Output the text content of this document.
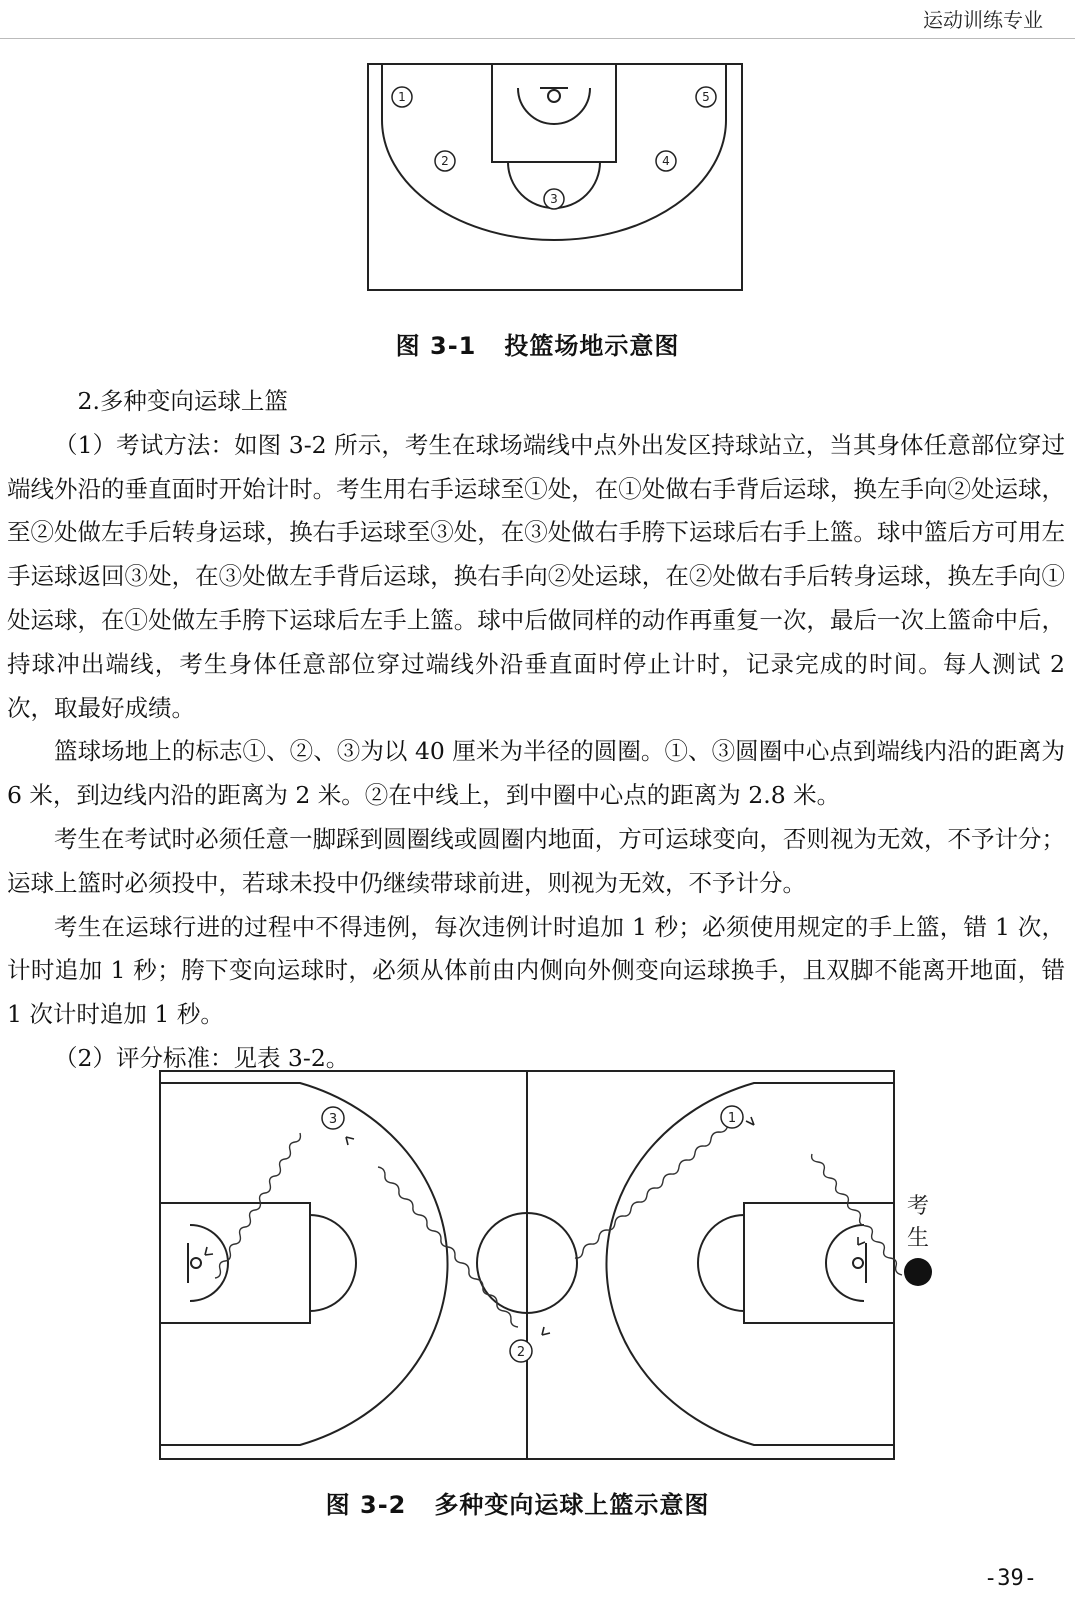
运动训练专业
1
2
3
4
5
图 3-1 投篮场地示意图

2.多种变向运球上篮

（1）考试方法：如图 3-2 所示，考生在球场端线中点外出发区持球站立，当其身体任意部位穿过端线外沿的垂直面时开始计时。考生用右手运球至①处，在①处做右手背后运球，换左手向②处运球，至②处做左手后转身运球，换右手运球至③处，在③处做右手胯下运球后右手上篮。球中篮后方可用左手运球返回③处，在③处做左手背后运球，换右手向②处运球，在②处做右手后转身运球，换左手向①处运球，在①处做左手胯下运球后左手上篮。球中后做同样的动作再重复一次，最后一次上篮命中后，持球冲出端线，考生身体任意部位穿过端线外沿垂直面时停止计时，记录完成的时间。每人测试 2 次，取最好成绩。

篮球场地上的标志①、②、③为以 40 厘米为半径的圆圈。①、③圆圈中心点到端线内沿的距离为 6 米，到边线内沿的距离为 2 米。②在中线上，到中圈中心点的距离为 2.8 米。

考生在考试时必须任意一脚踩到圆圈线或圆圈内地面，方可运球变向，否则视为无效，不予计分；运球上篮时必须投中，若球未投中仍继续带球前进，则视为无效，不予计分。

考生在运球行进的过程中不得违例，每次违例计时追加 1 秒；必须使用规定的手上篮，错 1 次，计时追加 1 秒；胯下变向运球时，必须从体前由内侧向外侧变向运球换手，且双脚不能离开地面，错 1 次计时追加 1 秒。

（2）评分标准：见表 3-2。

3
2
1
考
生
图 3-2 多种变向运球上篮示意图
-39-
